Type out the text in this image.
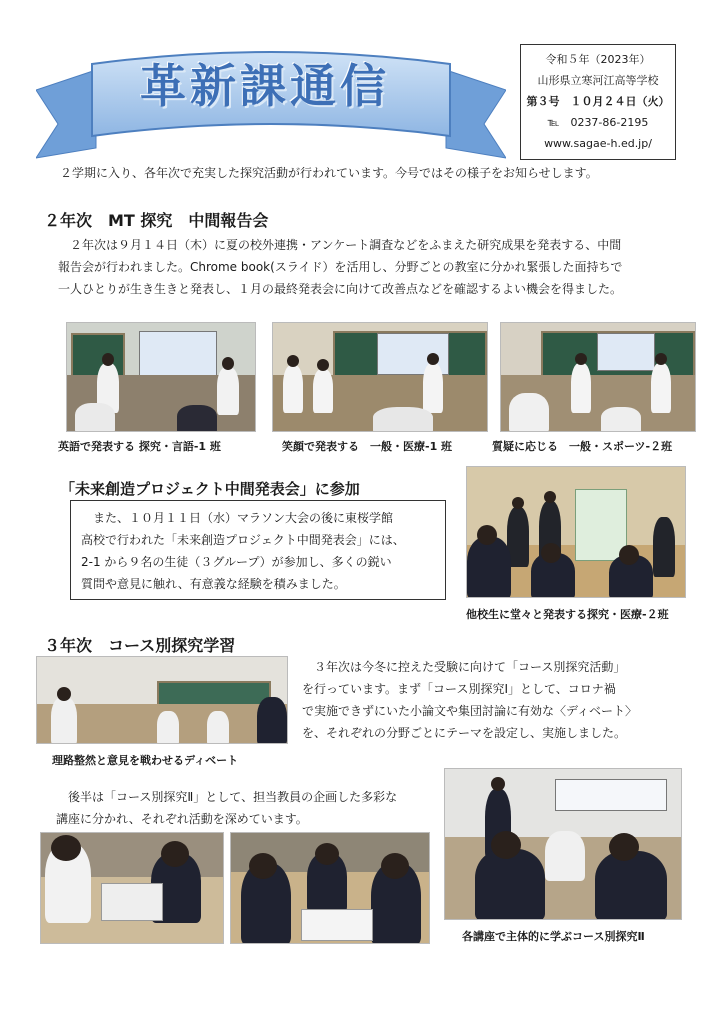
革新課通信	令和５年（2023年）
山形県立寒河江高等学校
第３号　１０月２４日（火）
℡　0237-86-2195
www.sagae-h.ed.jp/
２学期に入り、各年次で充実した探究活動が行われています。今号ではその様子をお知らせします。
２年次　MT 探究　中間報告会
　２年次は９月１４日（木）に夏の校外連携・アンケート調査などをふまえた研究成果を発表する、中間
報告会が行われました。Chrome book(スライド）を活用し、分野ごとの教室に分かれ緊張した面持ちで
一人ひとりが生き生きと発表し、１月の最終発表会に向けて改善点などを確認するよい機会を得ました。
英語で発表する 探究・言語-1 班	笑顔で発表する　一般・医療-1 班	質疑に応じる　一般・スポーツ-２班
「未来創造プロジェクト中間発表会」に参加
　また、１０月１１日（水）マラソン大会の後に東桜学館
高校で行われた「未来創造プロジェクト中間発表会」には、
2-1 から９名の生徒（３グループ）が参加し、多くの鋭い
質問や意見に触れ、有意義な経験を積みました。
他校生に堂々と発表する探究・医療-２班
３年次　コース別探究学習
理路整然と意見を戦わせるディベート
　３年次は今冬に控えた受験に向けて「コース別探究活動」
を行っています。まず「コース別探究Ⅰ」として、コロナ禍
で実施できずにいた小論文や集団討論に有効な〈ディベート〉
を、それぞれの分野ごとにテーマを設定し、実施しました。
　後半は「コース別探究Ⅱ」として、担当教員の企画した多彩な
講座に分かれ、それぞれ活動を深めています。
各講座で主体的に学ぶコース別探究Ⅱ
